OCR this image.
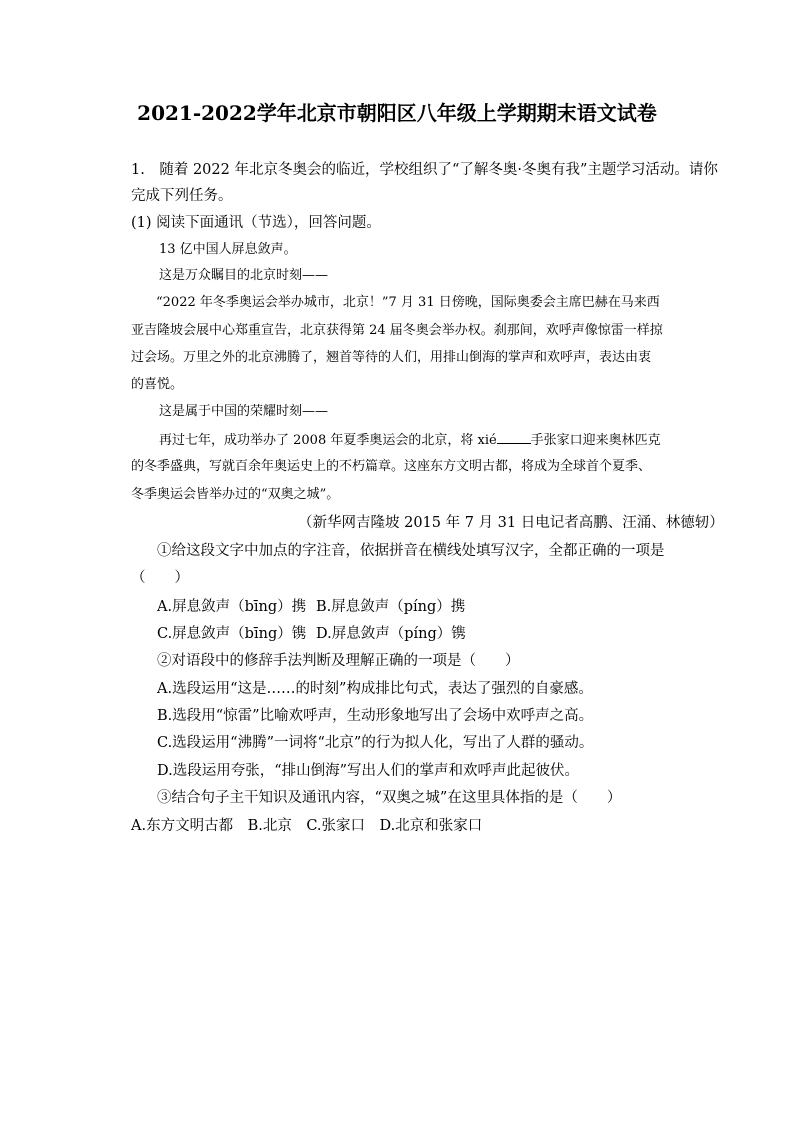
2021-2022学年北京市朝阳区八年级上学期期末语文试卷
1.　随着 2022 年北京冬奥会的临近，学校组织了“了解冬奥·冬奥有我”主题学习活动。请你
完成下列任务。
(1) 阅读下面通讯（节选），回答问题。
13 亿中国人屏息敛声。
这是万众瞩目的北京时刻——
“2022 年冬季奥运会举办城市，北京！”7 月 31 日傍晚，国际奥委会主席巴赫在马来西
亚吉隆坡会展中心郑重宣告，北京获得第 24 届冬奥会举办权。刹那间，欢呼声像惊雷一样掠
过会场。万里之外的北京沸腾了，翘首等待的人们，用排山倒海的掌声和欢呼声，表达由衷
的喜悦。
这是属于中国的荣耀时刻——
再过七年，成功举办了 2008 年夏季奥运会的北京，将 xié	手张家口迎来奥林匹克
的冬季盛典，写就百余年奥运史上的不朽篇章。这座东方文明古都，将成为全球首个夏季、
冬季奥运会皆举办过的“双奥之城”。
（新华网吉隆坡 2015 年 7 月 31 日电记者高鹏、汪涌、林德轫）
①给这段文字中加点的字注音，依据拼音在横线处填写汉字，全都正确的一项是
（　　）
A.屏息敛声（bīng）携 B.屏息敛声（píng）携
C.屏息敛声（bīng）镌 D.屏息敛声（píng）镌
②对语段中的修辞手法判断及理解正确的一项是（　　）
A.选段运用“这是……的时刻”构成排比句式，表达了强烈的自豪感。
B.选段用“惊雷”比喻欢呼声，生动形象地写出了会场中欢呼声之高。
C.选段运用“沸腾”一词将“北京”的行为拟人化，写出了人群的骚动。
D.选段运用夸张，“排山倒海”写出人们的掌声和欢呼声此起彼伏。
③结合句子主干知识及通讯内容，“双奥之城”在这里具体指的是（　　）
A.东方文明古都　B.北京　C.张家口　D.北京和张家口
